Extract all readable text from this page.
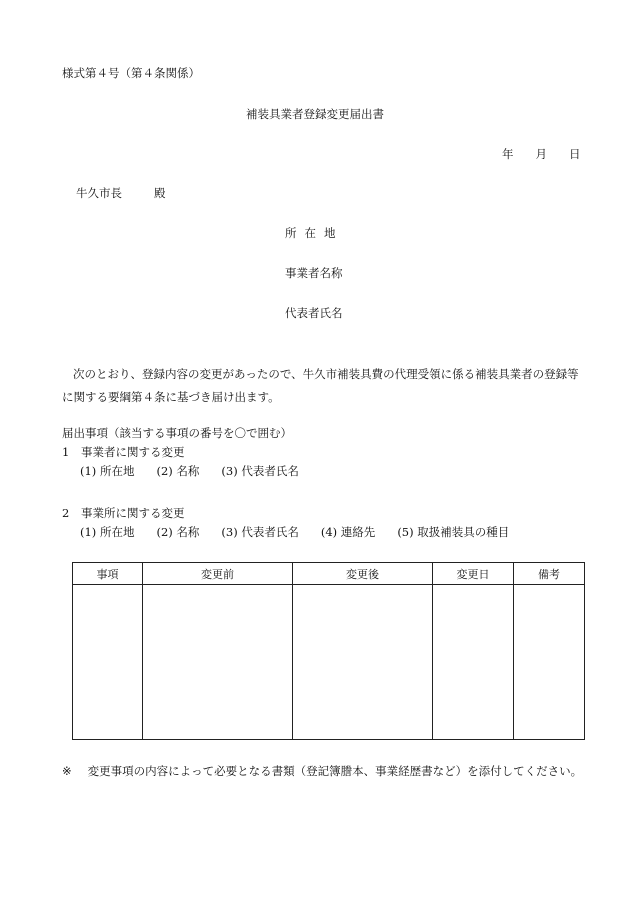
様式第４号（第４条関係）
補装具業者登録変更届出書
年 月 日
牛久市長	殿
所在地
事業者名称
代表者氏名
次のとおり、登録内容の変更があったので、牛久市補装具費の代理受領に係る補装具業者の登録等に関する要綱第４条に基づき届け出ます。
届出事項（該当する事項の番号を〇で囲む）
1 事業者に関する変更
(1) 所在地 (2) 名称 (3) 代表者氏名
2 事業所に関する変更
(1) 所在地 (2) 名称 (3) 代表者氏名 (4) 連絡先 (5) 取扱補装具の種目
事項	変更前	変更後	変更日	備考

※ 変更事項の内容によって必要となる書類（登記簿謄本、事業経歴書など）を添付してください。
